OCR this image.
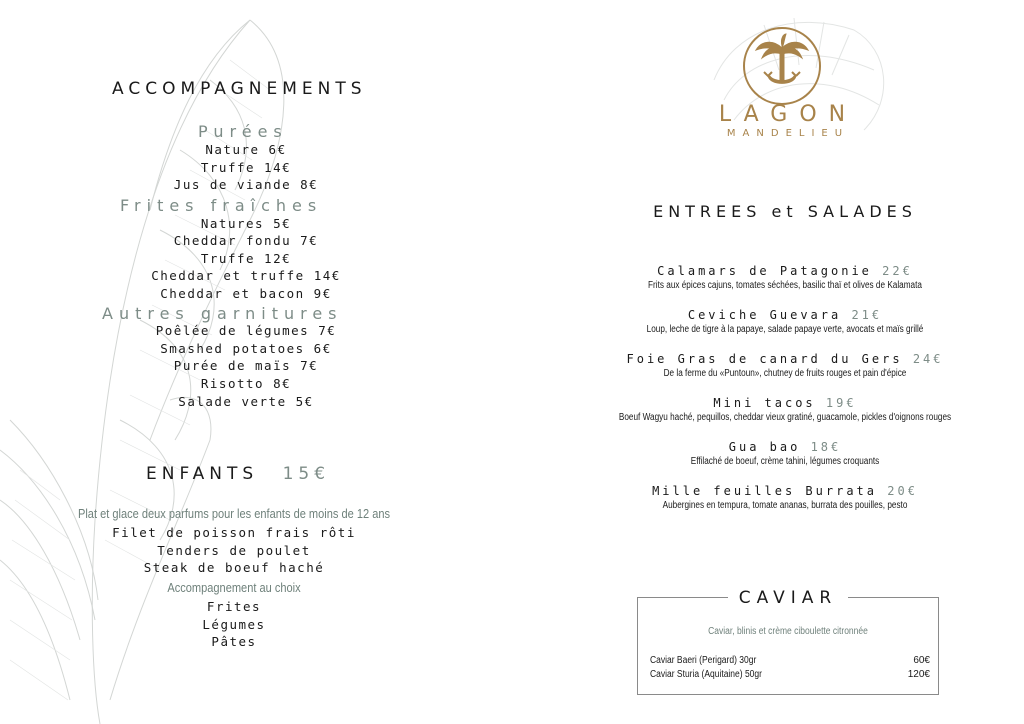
ACCOMPAGNEMENTS
Purées
Nature 6€
Truffe 14€
Jus de viande 8€
Frites fraîches
Natures 5€
Cheddar fondu 7€
Truffe 12€
Cheddar et truffe 14€
Cheddar et bacon 9€
Autres garnitures
Poêlée de légumes 7€
Smashed potatoes 6€
Purée de maïs 7€
Risotto 8€
Salade verte 5€
ENFANTS 15€
Plat et glace deux parfums pour les enfants de moins de 12 ans
Filet de poisson frais rôti
Tenders de poulet
Steak de boeuf haché
Accompagnement au choix
Frites
Légumes
Pâtes
LAGON
MANDELIEU
ENTREES et SALADES
Calamars de Patagonie 22€
Frits aux épices cajuns, tomates séchées, basilic thaï et olives de Kalamata
Ceviche Guevara 21€
Loup, leche de tigre à la papaye, salade papaye verte, avocats et maïs grillé
Foie Gras de canard du Gers 24€
De la ferme du «Puntoun», chutney de fruits rouges et pain d'épice
Mini tacos 19€
Boeuf Wagyu haché, pequillos, cheddar vieux gratiné, guacamole, pickles d'oignons rouges
Gua bao 18€
Effilaché de boeuf, crème tahini, légumes croquants
Mille feuilles Burrata 20€
Aubergines en tempura, tomate ananas, burrata des pouilles, pesto
CAVIAR
Caviar, blinis et crème ciboulette citronnée
Caviar Baeri (Perigard) 30gr	60€
Caviar Sturia (Aquitaine) 50gr	120€
